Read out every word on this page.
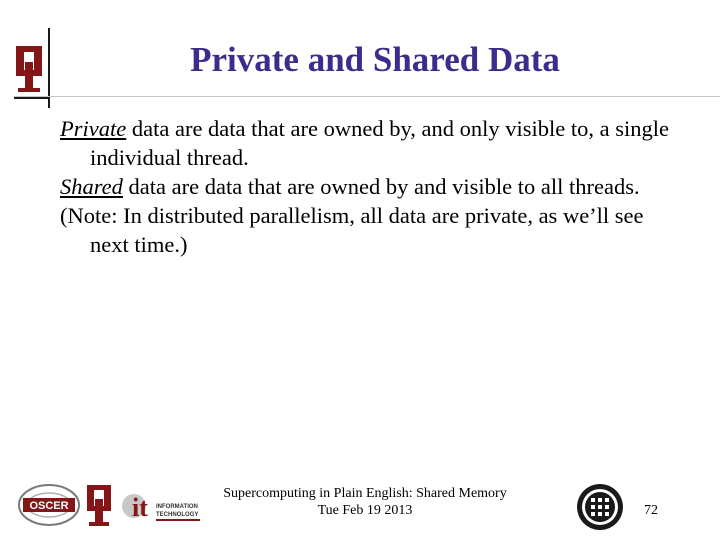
Private and Shared Data

Private data are data that are owned by, and only visible to, a single individual thread.

Shared data are data that are owned by and visible to all threads.

(Note: In distributed parallelism, all data are private, as we’ll see next time.)

OSCER it INFORMATION
TECHNOLOGY
Supercomputing in Plain English: Shared Memory
Tue Feb 19 2013	72
